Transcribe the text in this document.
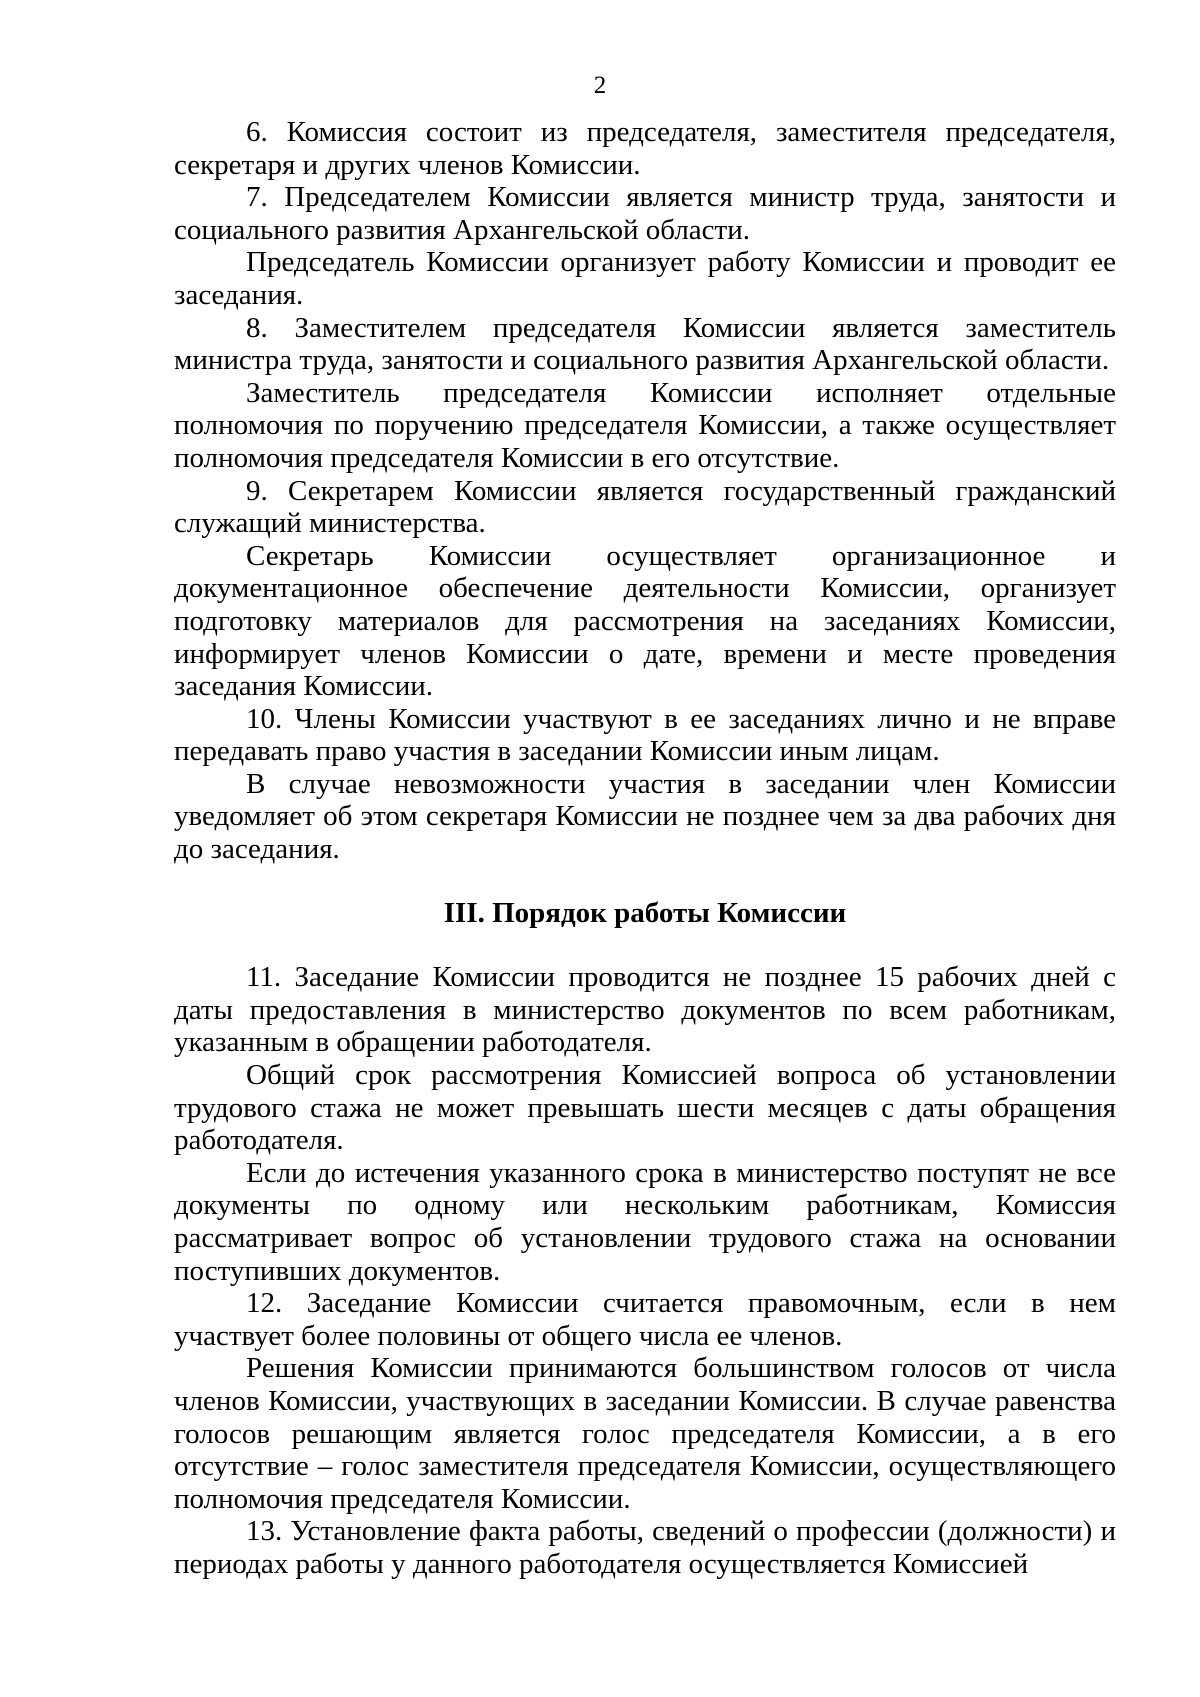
2

6. Комиссия состоит из председателя, заместителя председателя, секретаря и других членов Комиссии.

7. Председателем Комиссии является министр труда, занятости и социального развития Архангельской области.

Председатель Комиссии организует работу Комиссии и проводит ее заседания.

8. Заместителем председателя Комиссии является заместитель министра труда, занятости и социального развития Архангельской области.

Заместитель председателя Комиссии исполняет отдельные полномочия по поручению председателя Комиссии, а также осуществляет полномочия председателя Комиссии в его отсутствие.

9. Секретарем Комиссии является государственный гражданский служащий министерства.

Секретарь Комиссии осуществляет организационное и документационное обеспечение деятельности Комиссии, организует подготовку материалов для рассмотрения на заседаниях Комиссии, информирует членов Комиссии о дате, времени и месте проведения заседания Комиссии.

10. Члены Комиссии участвуют в ее заседаниях лично и не вправе передавать право участия в заседании Комиссии иным лицам.

В случае невозможности участия в заседании член Комиссии уведомляет об этом секретаря Комиссии не позднее чем за два рабочих дня до заседания.

III. Порядок работы Комиссии

11. Заседание Комиссии проводится не позднее 15 рабочих дней с даты предоставления в министерство документов по всем работникам, указанным в обращении работодателя.

Общий срок рассмотрения Комиссией вопроса об установлении трудового стажа не может превышать шести месяцев с даты обращения работодателя.

Если до истечения указанного срока в министерство поступят не все документы по одному или нескольким работникам, Комиссия рассматривает вопрос об установлении трудового стажа на основании поступивших документов.

12. Заседание Комиссии считается правомочным, если в нем участвует более половины от общего числа ее членов.

Решения Комиссии принимаются большинством голосов от числа членов Комиссии, участвующих в заседании Комиссии. В случае равенства голосов решающим является голос председателя Комиссии, а в его отсутствие – голос заместителя председателя Комиссии, осуществляющего полномочия председателя Комиссии.

13. Установление факта работы, сведений о профессии (должности) и периодах работы у данного работодателя осуществляется Комиссией
